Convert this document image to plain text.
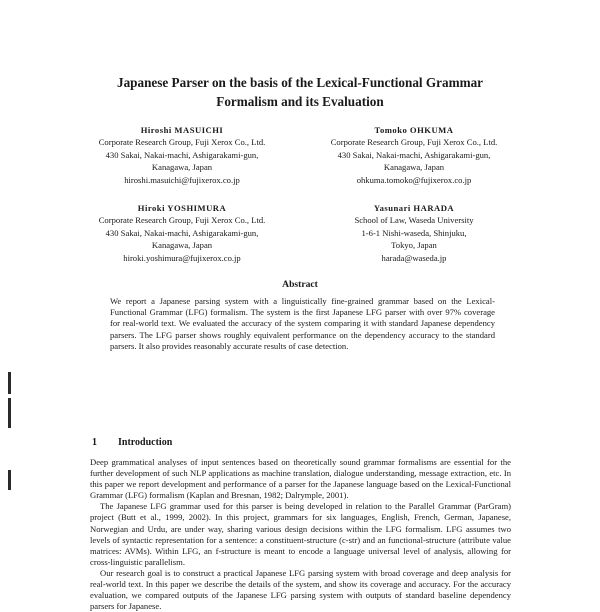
Japanese Parser on the basis of the Lexical-Functional Grammar
Formalism and its Evaluation
Hiroshi MASUICHI
Corporate Research Group, Fuji Xerox Co., Ltd.
430 Sakai, Nakai-machi, Ashigarakami-gun,
Kanagawa, Japan
hiroshi.masuichi@fujixerox.co.jp
Tomoko OHKUMA
Corporate Research Group, Fuji Xerox Co., Ltd.
430 Sakai, Nakai-machi, Ashigarakami-gun,
Kanagawa, Japan
ohkuma.tomoko@fujixerox.co.jp
Hiroki YOSHIMURA
Corporate Research Group, Fuji Xerox Co., Ltd.
430 Sakai, Nakai-machi, Ashigarakami-gun,
Kanagawa, Japan
hiroki.yoshimura@fujixerox.co.jp
Yasunari HARADA
School of Law, Waseda University
1-6-1 Nishi-waseda, Shinjuku,
Tokyo, Japan
harada@waseda.jp
Abstract
We report a Japanese parsing system with a linguistically fine-grained grammar based on the Lexical-Functional Grammar (LFG) formalism. The system is the first Japanese LFG parser with over 97% coverage for real-world text. We evaluated the accuracy of the system comparing it with standard Japanese dependency parsers. The LFG parser shows roughly equivalent performance on the dependency accuracy to the standard parsers. It also provides reasonably accurate results of case detection.
1 Introduction

Deep grammatical analyses of input sentences based on theoretically sound grammar formalisms are essential for the further development of such NLP applications as machine translation, dialogue understanding, message extraction, etc. In this paper we report development and performance of a parser for the Japanese language based on the Lexical-Functional Grammar (LFG) formalism (Kaplan and Bresnan, 1982; Dalrymple, 2001).

The Japanese LFG grammar used for this parser is being developed in relation to the Parallel Grammar (ParGram) project (Butt et al., 1999, 2002). In this project, grammars for six languages, English, French, German, Japanese, Norwegian and Urdu, are under way, sharing various design decisions within the LFG formalism. LFG assumes two levels of syntactic representation for a sentence: a constituent-structure (c-str) and an functional-structure (attribute value matrices: AVMs). Within LFG, an f-structure is meant to encode a language universal level of analysis, allowing for cross-linguistic parallelism.

Our research goal is to construct a practical Japanese LFG parsing system with broad coverage and deep analysis for real-world text. In this paper we describe the details of the system, and show its coverage and accuracy. For the accuracy evaluation, we compared outputs of the Japanese LFG parsing system with outputs of standard baseline dependency parsers for Japanese.
